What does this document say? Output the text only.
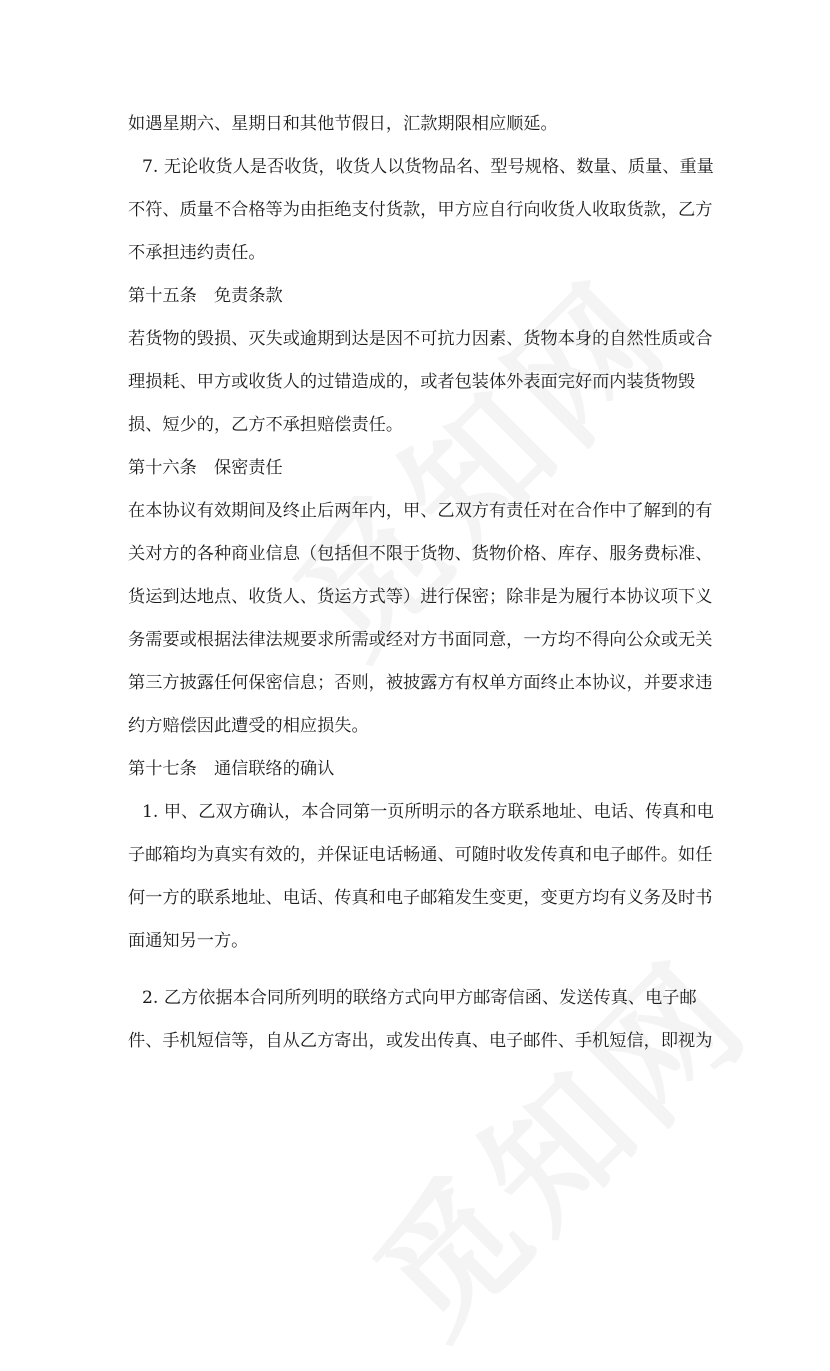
如遇星期六、星期日和其他节假日，汇款期限相应顺延。
7. 无论收货人是否收货，收货人以货物品名、型号规格、数量、质量、重量
不符、质量不合格等为由拒绝支付货款，甲方应自行向收货人收取货款，乙方
不承担违约责任。
第十五条　免责条款
若货物的毁损、灭失或逾期到达是因不可抗力因素、货物本身的自然性质或合
理损耗、甲方或收货人的过错造成的，或者包装体外表面完好而内装货物毁
损、短少的，乙方不承担赔偿责任。
第十六条　保密责任
在本协议有效期间及终止后两年内，甲、乙双方有责任对在合作中了解到的有
关对方的各种商业信息（包括但不限于货物、货物价格、库存、服务费标准、
货运到达地点、收货人、货运方式等）进行保密；除非是为履行本协议项下义
务需要或根据法律法规要求所需或经对方书面同意，一方均不得向公众或无关
第三方披露任何保密信息；否则，被披露方有权单方面终止本协议，并要求违
约方赔偿因此遭受的相应损失。
第十七条　通信联络的确认
1. 甲、乙双方确认，本合同第一页所明示的各方联系地址、电话、传真和电
子邮箱均为真实有效的，并保证电话畅通、可随时收发传真和电子邮件。如任
何一方的联系地址、电话、传真和电子邮箱发生变更，变更方均有义务及时书
面通知另一方。
2. 乙方依据本合同所列明的联络方式向甲方邮寄信函、发送传真、电子邮
件、手机短信等，自从乙方寄出，或发出传真、电子邮件、手机短信，即视为
